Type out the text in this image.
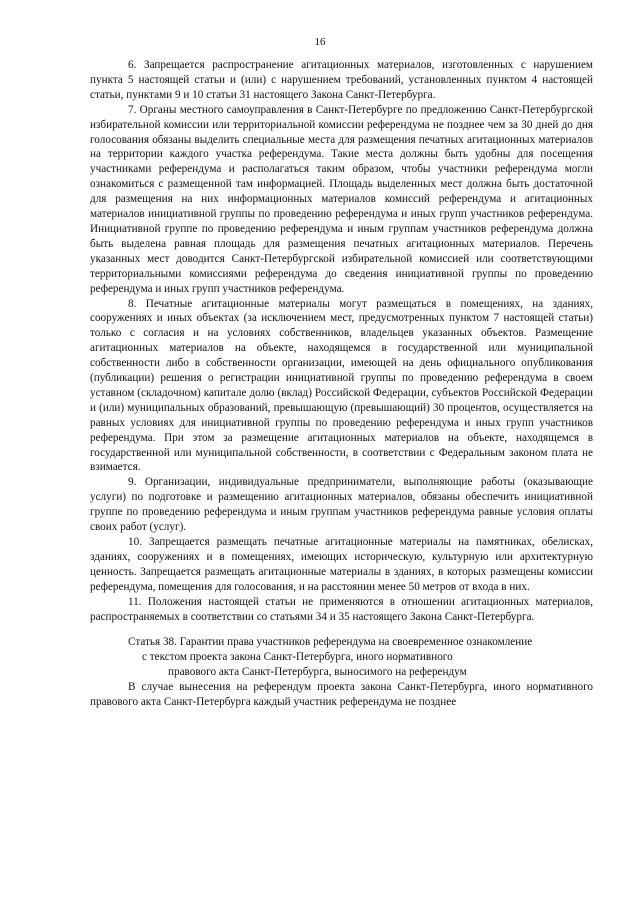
16

6. Запрещается распространение агитационных материалов, изготовленных с нарушением пункта 5 настоящей статьи и (или) с нарушением требований, установленных пунктом 4 настоящей статьи, пунктами 9 и 10 статьи 31 настоящего Закона Санкт-Петербурга.

7. Органы местного самоуправления в Санкт-Петербурге по предложению Санкт-Петербургской избирательной комиссии или территориальной комиссии референдума не позднее чем за 30 дней до дня голосования обязаны выделить специальные места для размещения печатных агитационных материалов на территории каждого участка референдума. Такие места должны быть удобны для посещения участниками референдума и располагаться таким образом, чтобы участники референдума могли ознакомиться с размещенной там информацией. Площадь выделенных мест должна быть достаточной для размещения на них информационных материалов комиссий референдума и агитационных материалов инициативной группы по проведению референдума и иных групп участников референдума. Инициативной группе по проведению референдума и иным группам участников референдума должна быть выделена равная площадь для размещения печатных агитационных материалов. Перечень указанных мест доводится Санкт-Петербургской избирательной комиссией или соответствующими территориальными комиссиями референдума до сведения инициативной группы по проведению референдума и иных групп участников референдума.

8. Печатные агитационные материалы могут размещаться в помещениях, на зданиях, сооружениях и иных объектах (за исключением мест, предусмотренных пунктом 7 настоящей статьи) только с согласия и на условиях собственников, владельцев указанных объектов. Размещение агитационных материалов на объекте, находящемся в государственной или муниципальной собственности либо в собственности организации, имеющей на день официального опубликования (публикации) решения о регистрации инициативной группы по проведению референдума в своем уставном (складочном) капитале долю (вклад) Российской Федерации, субъектов Российской Федерации и (или) муниципальных образований, превышающую (превышающий) 30 процентов, осуществляется на равных условиях для инициативной группы по проведению референдума и иных групп участников референдума. При этом за размещение агитационных материалов на объекте, находящемся в государственной или муниципальной собственности, в соответствии с Федеральным законом плата не взимается.

9. Организации, индивидуальные предприниматели, выполняющие работы (оказывающие услуги) по подготовке и размещению агитационных материалов, обязаны обеспечить инициативной группе по проведению референдума и иным группам участников референдума равные условия оплаты своих работ (услуг).

10. Запрещается размещать печатные агитационные материалы на памятниках, обелисках, зданиях, сооружениях и в помещениях, имеющих историческую, культурную или архитектурную ценность. Запрещается размещать агитационные материалы в зданиях, в которых размещены комиссии референдума, помещения для голосования, и на расстоянии менее 50 метров от входа в них.

11. Положения настоящей статьи не применяются в отношении агитационных материалов, распространяемых в соответствии со статьями 34 и 35 настоящего Закона Санкт-Петербурга.

Статья 38. Гарантии права участников референдума на своевременное ознакомление
с текстом проекта закона Санкт-Петербурга, иного нормативного
правового акта Санкт-Петербурга, выносимого на референдум

В случае вынесения на референдум проекта закона Санкт-Петербурга, иного нормативного правового акта Санкт-Петербурга каждый участник референдума не позднее
